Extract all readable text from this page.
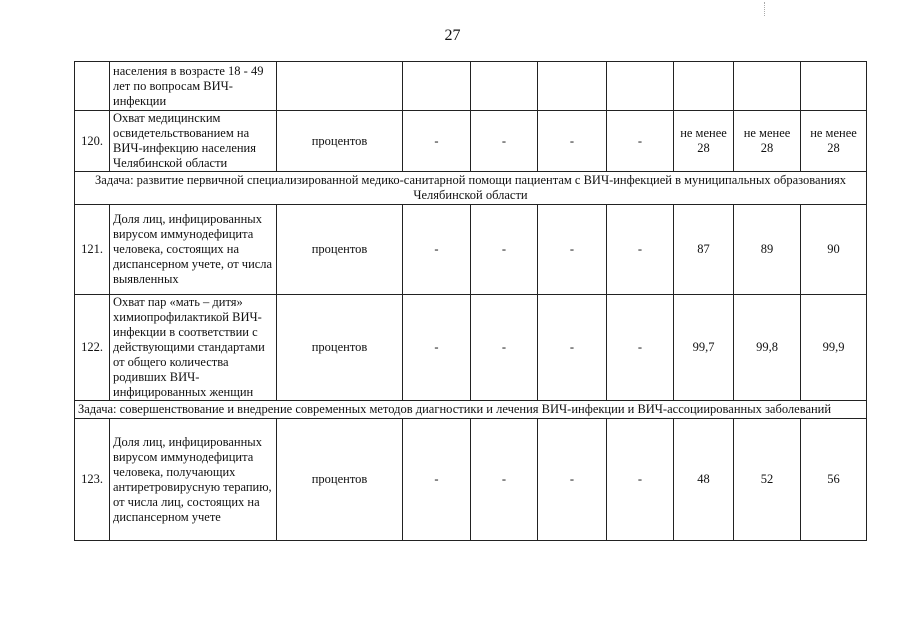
27
	населения в возрасте 18 - 49 лет по вопросам ВИЧ-инфекции								
120.	Охват медицинским освидетельствованием на ВИЧ-инфекцию населения Челябинской области	процентов	-	-	-	-	не менее 28	не менее 28	не менее 28
Задача: развитие первичной специализированной медико-санитарной помощи пациентам с ВИЧ-инфекцией в муниципальных образованиях Челябинской области									
121.	Доля лиц, инфицированных вирусом иммунодефицита человека, состоящих на диспансерном учете, от числа выявленных	процентов	-	-	-	-	87	89	90
122.	Охват пар «мать – дитя» химиопрофилактикой ВИЧ-инфекции в соответствии с действующими стандартами от общего количества родивших ВИЧ-инфицированных женщин	процентов	-	-	-	-	99,7	99,8	99,9
Задача: совершенствование и внедрение современных методов диагностики и лечения ВИЧ-инфекции и ВИЧ-ассоциированных заболеваний									
123.	Доля лиц, инфицированных вирусом иммунодефицита человека, получающих антиретровирусную терапию, от числа лиц, состоящих на диспансерном учете	процентов	-	-	-	-	48	52	56
